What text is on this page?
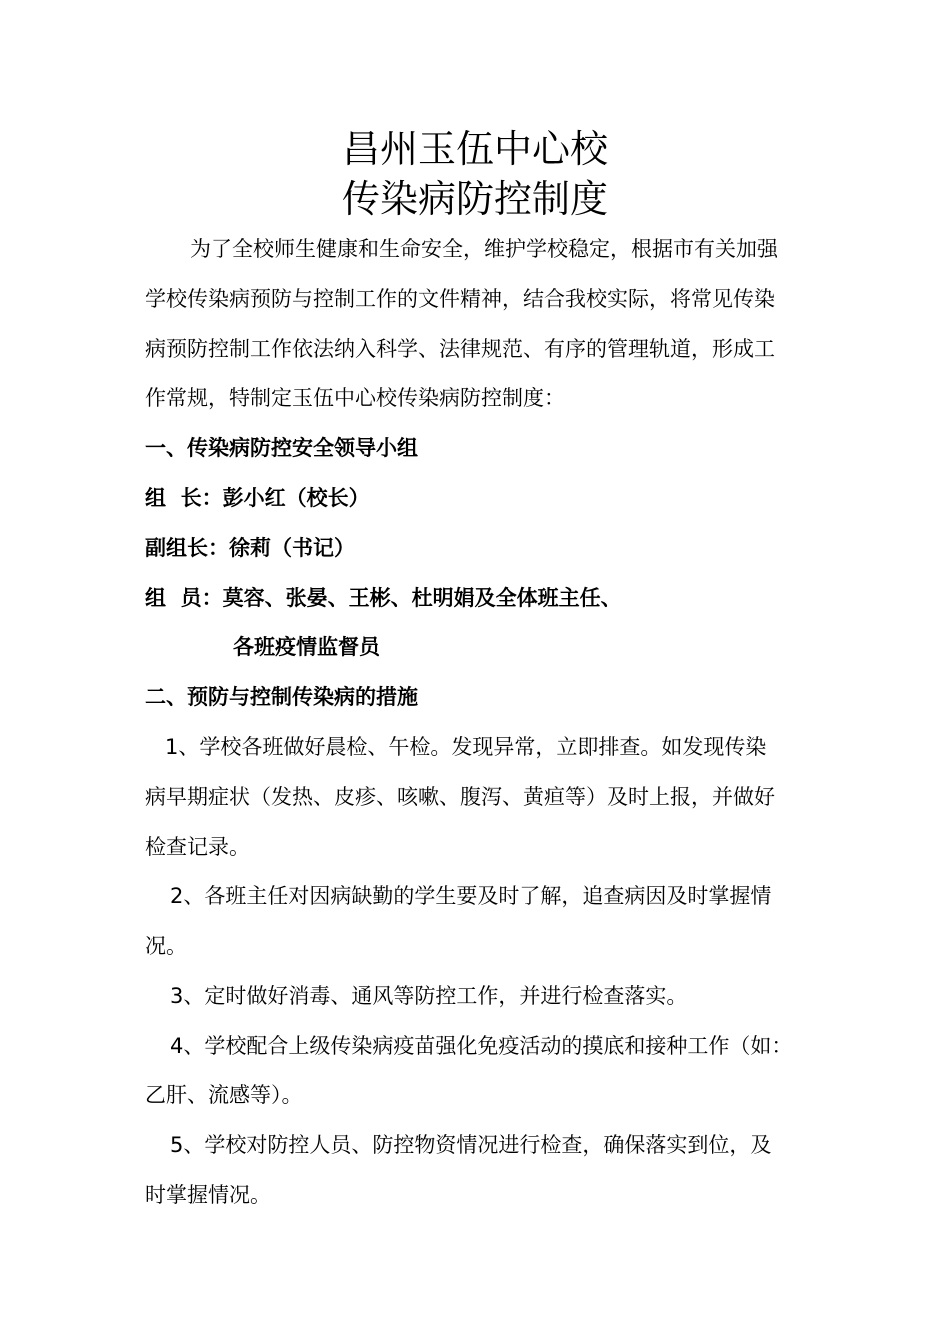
昌州玉伍中心校
传染病防控制度
为了全校师生健康和生命安全，维护学校稳定，根据市有关加强
学校传染病预防与控制工作的文件精神，结合我校实际，将常见传染
病预防控制工作依法纳入科学、法律规范、有序的管理轨道，形成工
作常规，特制定玉伍中心校传染病防控制度：
一、传染病防控安全领导小组
组  长：彭小红（校长）
副组长：徐莉（书记）
组  员：莫容、张晏、王彬、杜明娟及全体班主任、
各班疫情监督员
二、预防与控制传染病的措施
1、学校各班做好晨检、午检。发现异常，立即排查。如发现传染
病早期症状（发热、皮疹、咳嗽、腹泻、黄疸等）及时上报，并做好
检查记录。
2、各班主任对因病缺勤的学生要及时了解，追查病因及时掌握情
况。
3、定时做好消毒、通风等防控工作，并进行检查落实。
4、学校配合上级传染病疫苗强化免疫活动的摸底和接种工作（如：
乙肝、流感等）。
5、学校对防控人员、防控物资情况进行检查，确保落实到位，及
时掌握情况。
